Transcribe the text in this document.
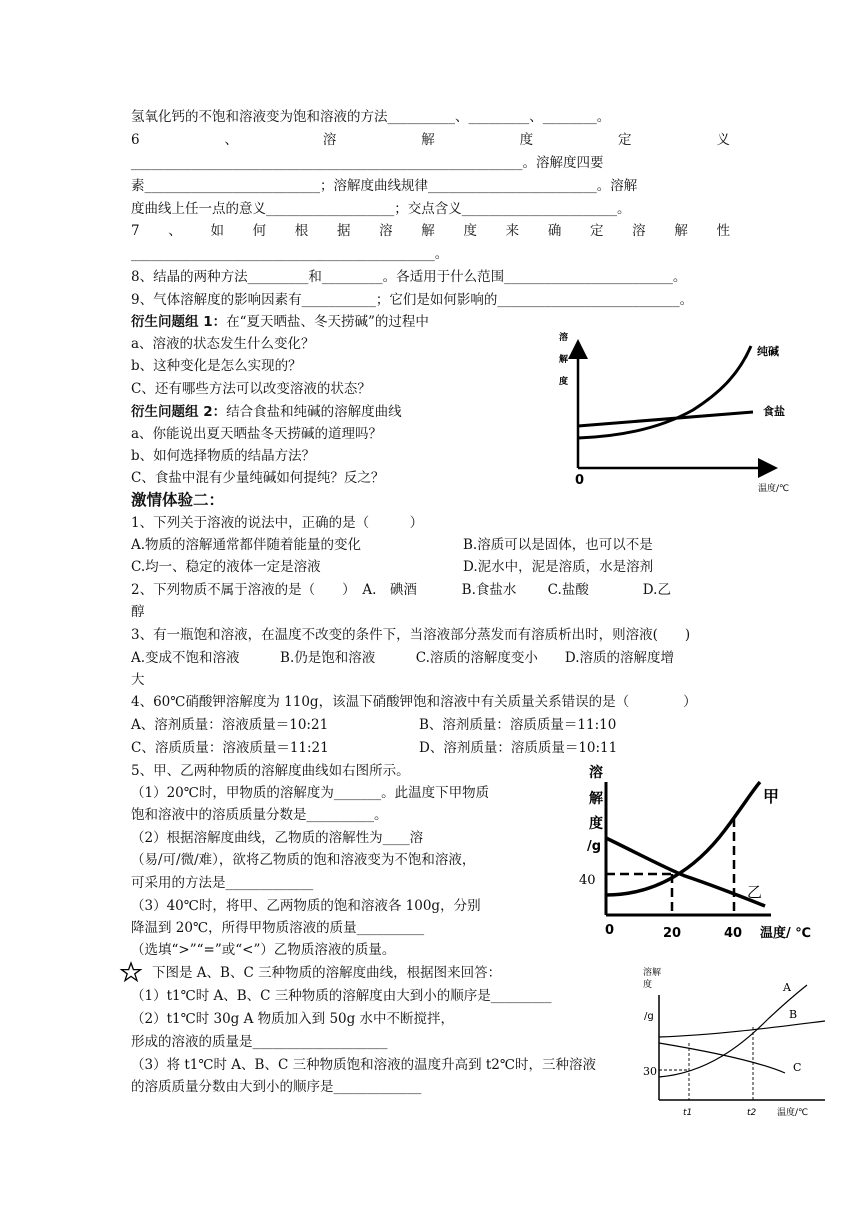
氢氧化钙的不饱和溶液变为饱和溶液的方法__________、_________、________。
6	、	溶	解	度	定	义
__________________________________________________________。溶解度四要
素__________________________；溶解度曲线规律_________________________。溶解
度曲线上任一点的意义___________________；交点含义_______________________。
7 、 如 何 根 据 溶 解 度 来 确 定 溶 解 性
_____________________________________________。
8、结晶的两种方法_________和_________。各适用于什么范围_________________________。
9、气体溶解度的影响因素有___________；它们是如何影响的___________________________。
衍生问题组 1：在“夏天晒盐、冬天捞碱”的过程中
a、溶液的状态发生什么变化？
b、这种变化是怎么实现的？
C、还有哪些方法可以改变溶液的状态？
衍生问题组 2：结合食盐和纯碱的溶解度曲线
a、你能说出夏天晒盐冬天捞碱的道理吗？
b、如何选择物质的结晶方法？
C、食盐中混有少量纯碱如何提纯？反之？
溶
解
度
纯碱
食盐
0
温度/℃
激情体验二：
1、下列关于溶液的说法中，正确的是（　　　）
A.物质的溶解通常都伴随着能量的变化	B.溶质可以是固体，也可以不是
C.均一、稳定的液体一定是溶液	D.泥水中，泥是溶质，水是溶剂
2、下列物质不属于溶液的是（　　）　A.　碘酒　　　 B.食盐水　　 C.盐酸　　　　D.乙
醇
3、有一瓶饱和溶液，在温度不改变的条件下，当溶液部分蒸发而有溶质析出时，则溶液(　　)
A.变成不饱和溶液　　　B.仍是饱和溶液　　　C.溶质的溶解度变小　　D.溶质的溶解度增
大
4、60℃硝酸钾溶解度为 110g，该温下硝酸钾饱和溶液中有关质量关系错误的是（　　　　）
A、溶剂质量：溶液质量＝10:21	B、溶剂质量：溶质质量＝11:10
C、溶质质量：溶液质量＝11:21	D、溶剂质量：溶质质量＝10:11
5、甲、乙两种物质的溶解度曲线如右图所示。
（1）20℃时，甲物质的溶解度为_______。此温度下甲物质
饱和溶液中的溶质质量分数是__________。
（2）根据溶解度曲线，乙物质的溶解性为____溶
（易/可/微/难），欲将乙物质的饱和溶液变为不饱和溶液，
可采用的方法是_____________
（3）40℃时，将甲、乙两物质的饱和溶液各 100g，分别
降温到 20℃，所得甲物质溶液的质量__________
（选填“>”“=”或“<”）乙物质溶液的质量。
溶
解
度
/g
40
甲
乙
0	20	40 温度/ ℃
下图是 A、B、C 三种物质的溶解度曲线，根据图来回答：
（1）t1℃时 A、B、C 三种物质的溶解度由大到小的顺序是_________
（2）t1℃时 30g A 物质加入到 50g 水中不断搅拌，
形成的溶液的质量是____________________
（3）将 t1℃时 A、B、C 三种物质饱和溶液的温度升高到 t2℃时，三种溶液
的溶质质量分数由大到小的顺序是_____________
溶解
度
/g
30
A
B
C
t1	t2 温度/℃
